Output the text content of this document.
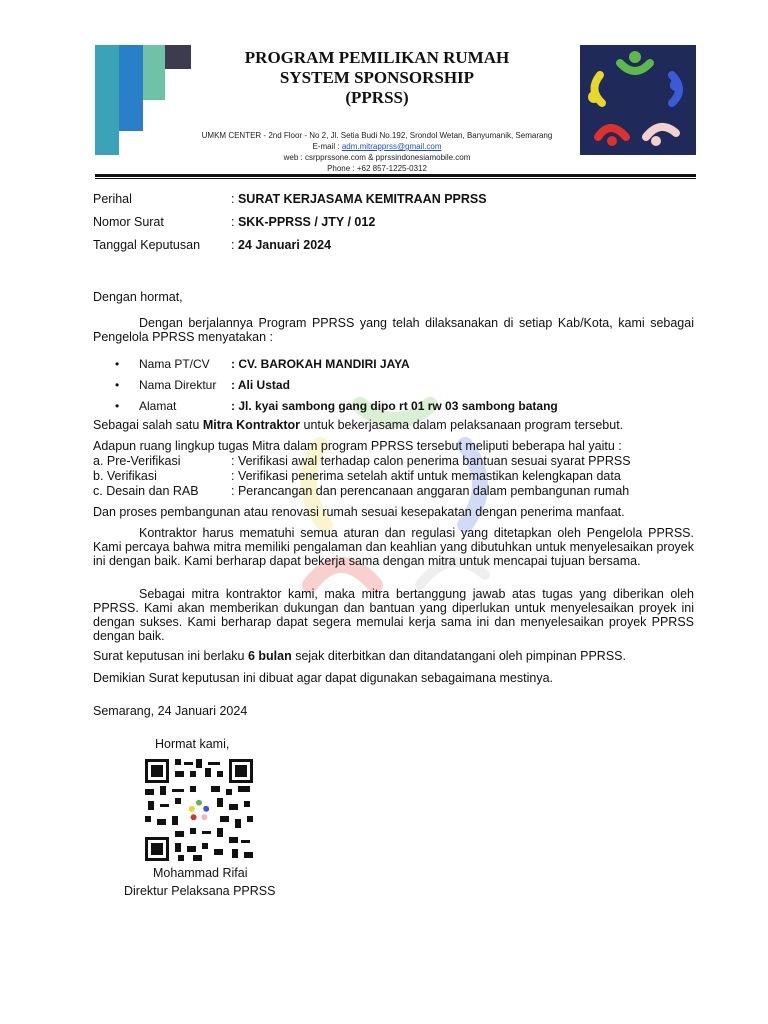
PROGRAM PEMILIKAN RUMAH
SYSTEM SPONSORSHIP
(PPRSS)
UMKM CENTER - 2nd Floor - No 2, Jl. Setia Budi No.192, Srondol Wetan, Banyumanik, Semarang
E-mail : adm.mitrapprss@gmail.com
web : csrpprssone.com & pprssindonesiamobile.com
Phone : +62 857-1225-0312
Perihal	: SURAT KERJASAMA KEMITRAAN PPRSS
Nomor Surat	: SKK-PPRSS / JTY / 012
Tanggal Keputusan	: 24 Januari 2024
Dengan hormat,
Dengan berjalannya Program PPRSS yang telah dilaksanakan di setiap Kab/Kota, kami sebagai Pengelola PPRSS menyatakan :
• Nama PT/CV : CV. BAROKAH MANDIRI JAYA
• Nama Direktur : Ali Ustad
• Alamat	: Jl. kyai sambong gang dipo rt 01 rw 03 sambong batang
Sebagai salah satu Mitra Kontraktor untuk bekerjasama dalam pelaksanaan program tersebut.
Adapun ruang lingkup tugas Mitra dalam program PPRSS tersebut meliputi beberapa hal yaitu :
a. Pre-Verifikasi	: Verifikasi awal terhadap calon penerima bantuan sesuai syarat PPRSS
b. Verifikasi	: Verifikasi penerima setelah aktif untuk memastikan kelengkapan data
c. Desain dan RAB	: Perancangan dan perencanaan anggaran dalam pembangunan rumah
Dan proses pembangunan atau renovasi rumah sesuai kesepakatan dengan penerima manfaat.
Kontraktor harus mematuhi semua aturan dan regulasi yang ditetapkan oleh Pengelola PPRSS. Kami percaya bahwa mitra memiliki pengalaman dan keahlian yang dibutuhkan untuk menyelesaikan proyek ini dengan baik. Kami berharap dapat bekerja sama dengan mitra untuk mencapai tujuan bersama.
Sebagai mitra kontraktor kami, maka mitra bertanggung jawab atas tugas yang diberikan oleh PPRSS. Kami akan memberikan dukungan dan bantuan yang diperlukan untuk menyelesaikan proyek ini dengan sukses. Kami berharap dapat segera memulai kerja sama ini dan menyelesaikan proyek PPRSS dengan baik.
Surat keputusan ini berlaku 6 bulan sejak diterbitkan dan ditandatangani oleh pimpinan PPRSS.
Demikian Surat keputusan ini dibuat agar dapat digunakan sebagaimana mestinya.
Semarang, 24 Januari 2024
Hormat kami,
Mohammad Rifai
Direktur Pelaksana PPRSS
